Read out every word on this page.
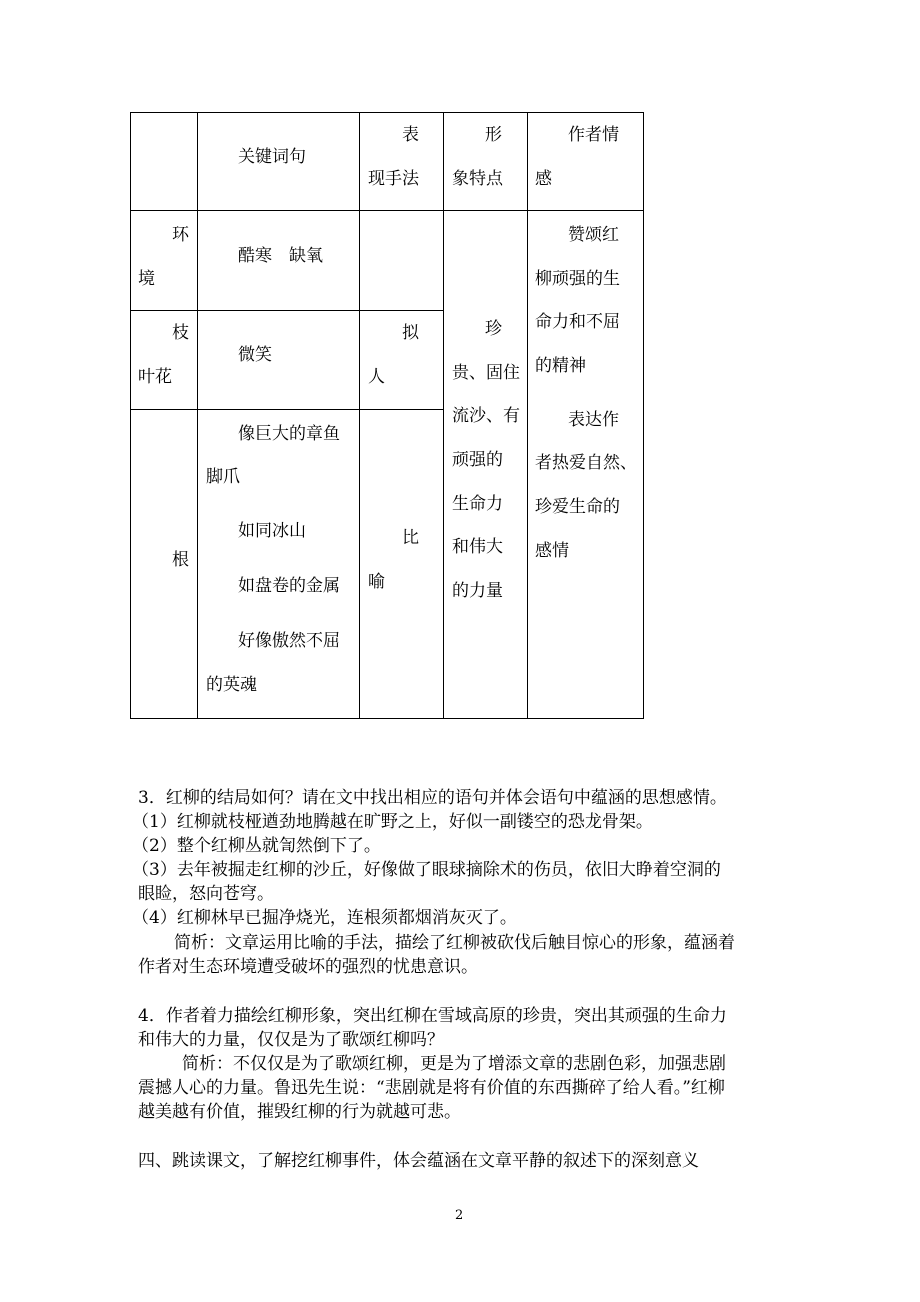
关键词句
表
现手法
形
象特点
作者情
感
环
境
酷寒　缺氧
枝
叶花
微笑
拟
人
根
像巨大的章鱼
脚爪
如同冰山
如盘卷的金属
好像傲然不屈
的英魂
比
喻
珍
贵、固住
流沙、有
顽强的
生命力
和伟大
的力量
赞颂红
柳顽强的生
命力和不屈
的精神
表达作
者热爱自然、
珍爱生命的
感情
3．红柳的结局如何？请在文中找出相应的语句并体会语句中蕴涵的思想感情。
（1）红柳就枝桠遒劲地腾越在旷野之上，好似一副镂空的恐龙骨架。
（2）整个红柳丛就訇然倒下了。
（3）去年被掘走红柳的沙丘，好像做了眼球摘除术的伤员，依旧大睁着空洞的
眼睑，怒向苍穹。
（4）红柳林早已掘净烧光，连根须都烟消灰灭了。
简析：文章运用比喻的手法，描绘了红柳被砍伐后触目惊心的形象，蕴涵着
作者对生态环境遭受破坏的强烈的忧患意识。
4．作者着力描绘红柳形象，突出红柳在雪域高原的珍贵，突出其顽强的生命力
和伟大的力量，仅仅是为了歌颂红柳吗？
简析：不仅仅是为了歌颂红柳，更是为了增添文章的悲剧色彩，加强悲剧
震撼人心的力量。鲁迅先生说：“悲剧就是将有价值的东西撕碎了给人看。”红柳
越美越有价值，摧毁红柳的行为就越可悲。
四、跳读课文，了解挖红柳事件，体会蕴涵在文章平静的叙述下的深刻意义
2
